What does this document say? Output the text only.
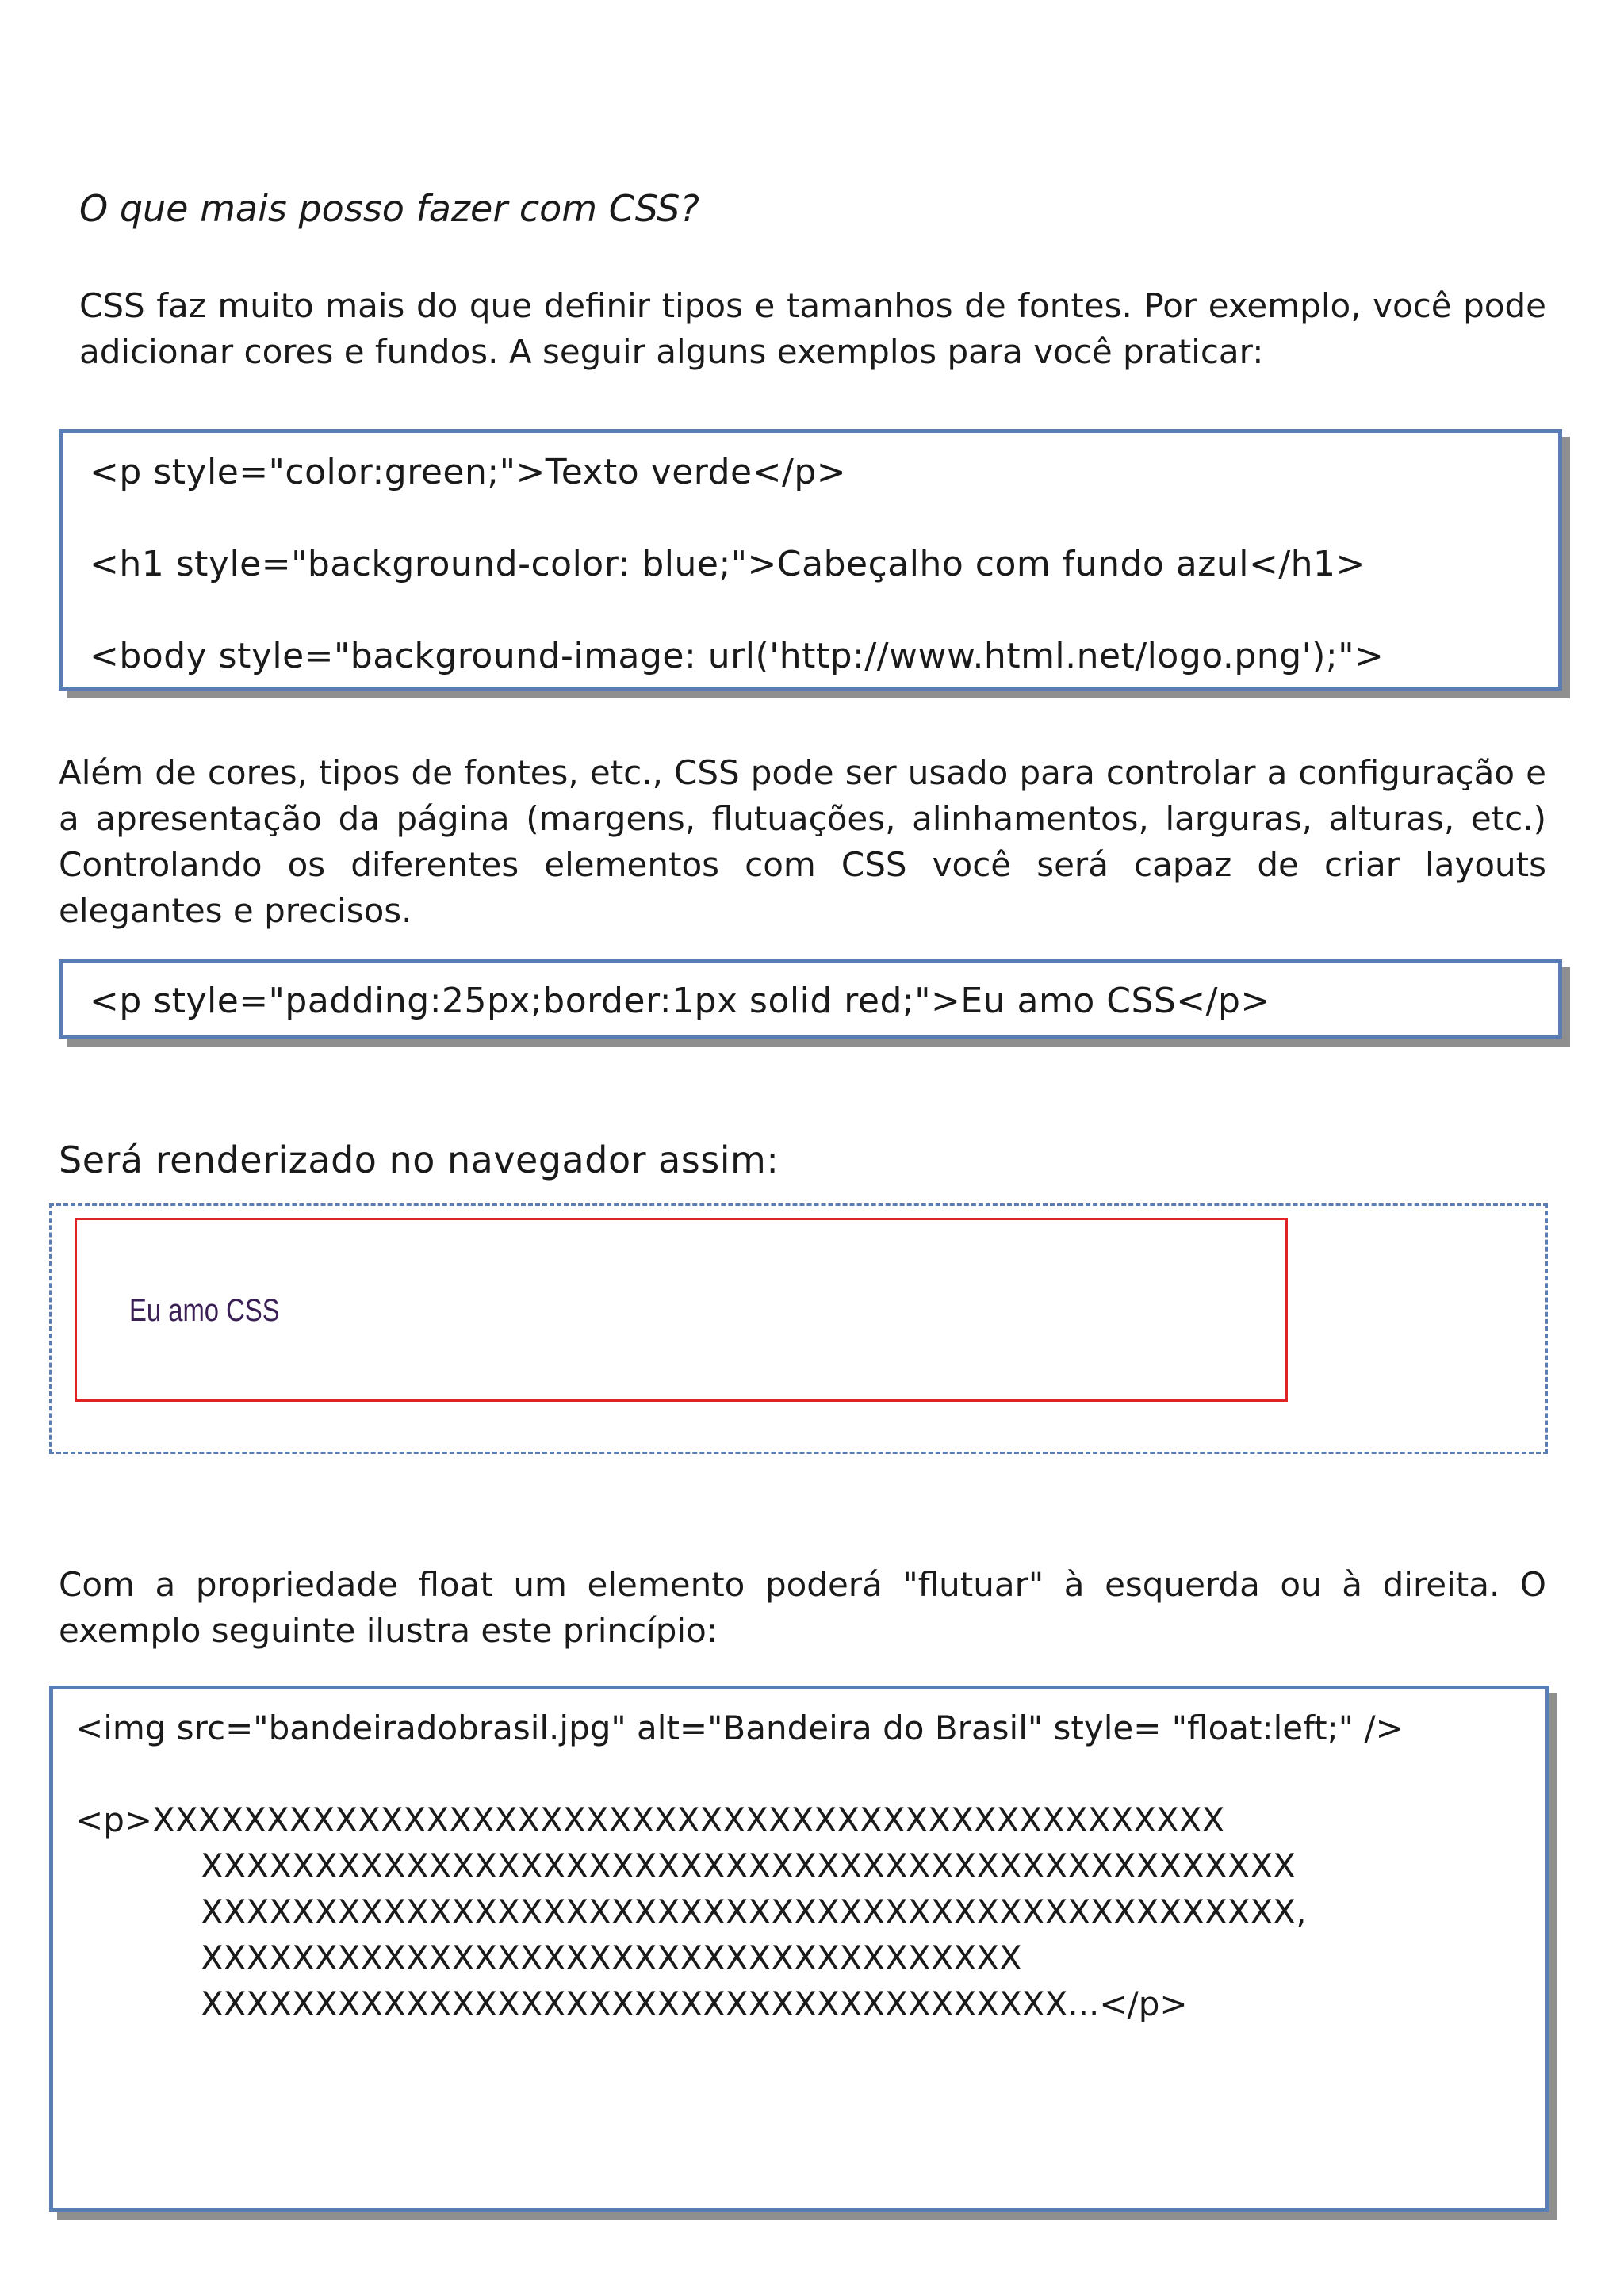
O que mais posso fazer com CSS?

CSS faz muito mais do que definir tipos e tamanhos de fontes. Por exemplo, você pode adicionar cores e fundos. A seguir alguns exemplos para você praticar:

<p style="color:green;">Texto verde</p>
<h1 style="background-color: blue;">Cabeçalho com fundo azul</h1>
<body style="background-image: url('http://www.html.net/logo.png');">

Além de cores, tipos de fontes, etc., CSS pode ser usado para controlar a configuração e a apresentação da página (margens, flutuações, alinhamentos, larguras, alturas, etc.) Controlando os diferentes elementos com CSS você será capaz de criar layouts elegantes e precisos.

<p style="padding:25px;border:1px solid red;">Eu amo CSS</p>
Será renderizado no navegador assim:
Eu amo CSS

Com a propriedade float um elemento poderá "flutuar" à esquerda ou à direita. O exemplo seguinte ilustra este princípio:

<img src="bandeiradobrasil.jpg" alt="Bandeira do Brasil" style= "float:left;" />
<p>XXXXXXXXXXXXXXXXXXXXXXXXXXXXXXXXXXXXXXXXXXXXXXX
XXXXXXXXXXXXXXXXXXXXXXXXXXXXXXXXXXXXXXXXXXXXXXXX
XXXXXXXXXXXXXXXXXXXXXXXXXXXXXXXXXXXXXXXXXXXXXXXX,
XXXXXXXXXXXXXXXXXXXXXXXXXXXXXXXXXXXX
XXXXXXXXXXXXXXXXXXXXXXXXXXXXXXXXXXXXXX...</p>
